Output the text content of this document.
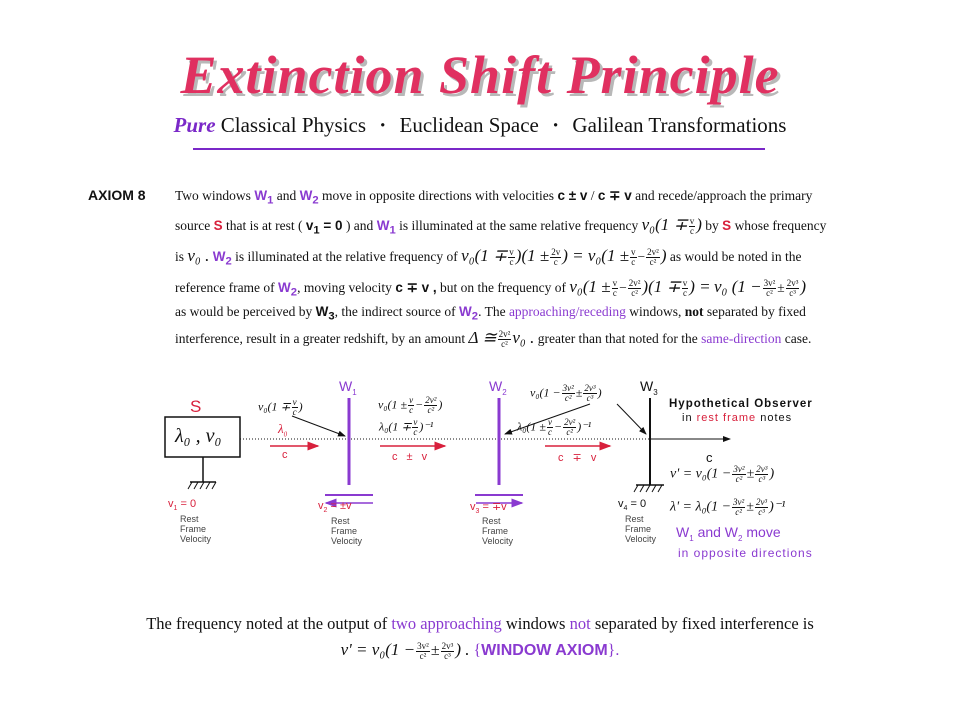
Extinction Shift Principle
Pure Classical Physics · Euclidean Space · Galilean Transformations
AXIOM 8 Two windows $W_1$ and $W_2$ move in opposite directions with velocities c ± v / c ∓ v and recede/approach the primary
source S that is at rest ( $v_1 = 0$ ) and $W_1$ is illuminated at the same relative frequency $\nu_0(1 \mp \frac{v}{c}$ ) by S whose frequency
is ν₀ . $W_2$ is illuminated at the relative frequency of $\nu_0(1 \mp \frac{v}{c} )(1 \pm \frac{2v}{c}$ ) = $\nu_0(1 \pm \frac{v}{c} - \frac{\text{2v²}}{\text{c²}}$ ) as would be noted in the
reference frame of $W_2$, moving velocity c ∓ v , but on the frequency of $\nu_0(1 \pm \frac{v}{c} - \frac{\text{2v²}}{\text{c²}} )(1 \mp \frac{v}{c}$ ) = ν₀ ($1 - \frac{\text{3v²}}{\text{c²}} \pm \frac{\text{2v³}}{\text{c³}}$ )
as would be perceived by $W_3$, the indirect source of $W_2$. The approaching/receding windows, not separated by fixed
interference, result in a greater redshift, by an amount Δ ≅ $\frac{\text{2v²}}{\text{c²}} \nu_0$ . greater than that noted for the same-direction case.
S
λ₀ , ν₀
$W_1$	$W_2$	$W_3$
$\nu_0(1 \mp \frac{v}{c}$ )	$\nu_0(1 \pm \frac{v}{c} - \frac{\text{2v²}}{\text{c²}}$ )
$\nu_0(1 - \frac{\text{3v²}}{\text{c²}} \pm \frac{\text{2v³}}{\text{c³}}$ )
$\lambda_0(1 \mp \frac{v}{c} )^{-1}$	$\lambda_0(1 \pm \frac{v}{c} - \frac{\text{2v²}}{\text{c²}} )^{-1}$
$\lambda_0$
c	c ± v	c ∓ v	c
$v_1 = 0$
Rest
Frame
Velocity
$v_2 = \pm v$
Rest
Frame
Velocity
$v_3 = \mp v$
Rest
Frame
Velocity
$v_4 = 0$
Rest
Frame
Velocity
Hypothetical Observer
in rest frame notes
$\nu' = \nu_0(1 - \frac{\text{3v²}}{\text{c²}} \pm \frac{\text{2v³}}{\text{c³}}$ )
$\lambda' = \lambda_0(1 - \frac{\text{3v²}}{\text{c²}} \pm \frac{\text{2v³}}{\text{c³}} )^{-1}$
$W_1$ and $W_2$ move
in opposite directions
The frequency noted at the output of two approaching windows not separated by fixed interference is
$\nu' = \nu_0(1 - \frac{\text{3v²}}{\text{c²}} \pm \frac{\text{2v³}}{\text{c³}}$ ) . {WINDOW AXIOM}.
